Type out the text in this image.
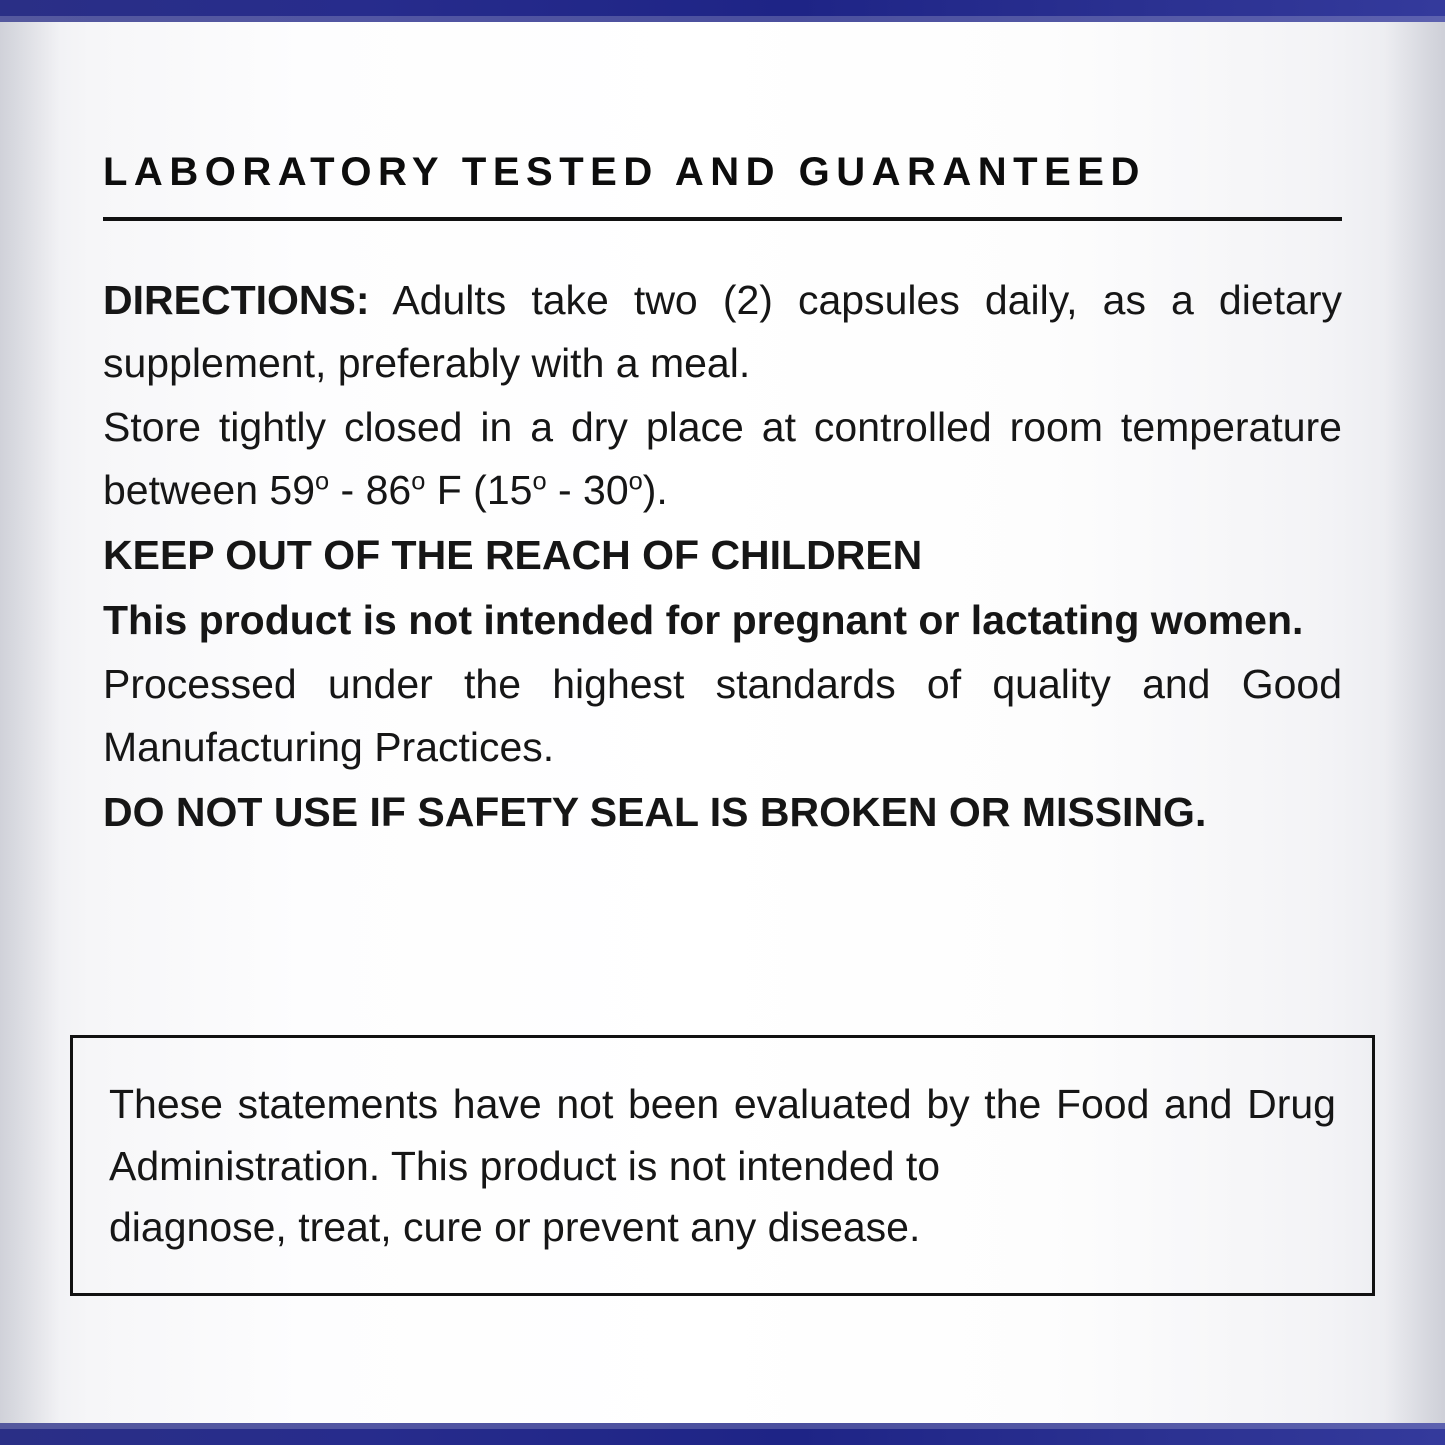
LABORATORY TESTED AND GUARANTEED

DIRECTIONS: Adults take two (2) capsules daily, as a dietary supplement, preferably with a meal.

Store tightly closed in a dry place at controlled room temperature between 59$^o$ - 86$^o$ F (15$^o$ - 30$^o$).

KEEP OUT OF THE REACH OF CHILDREN

This product is not intended for pregnant or lactating women.

Processed under the highest standards of quality and Good Manufacturing Practices.

DO NOT USE IF SAFETY SEAL IS BROKEN OR MISSING.

These statements have not been evaluated by the Food and Drug Administration. This product is not intended to
diagnose, treat, cure or prevent any disease.
